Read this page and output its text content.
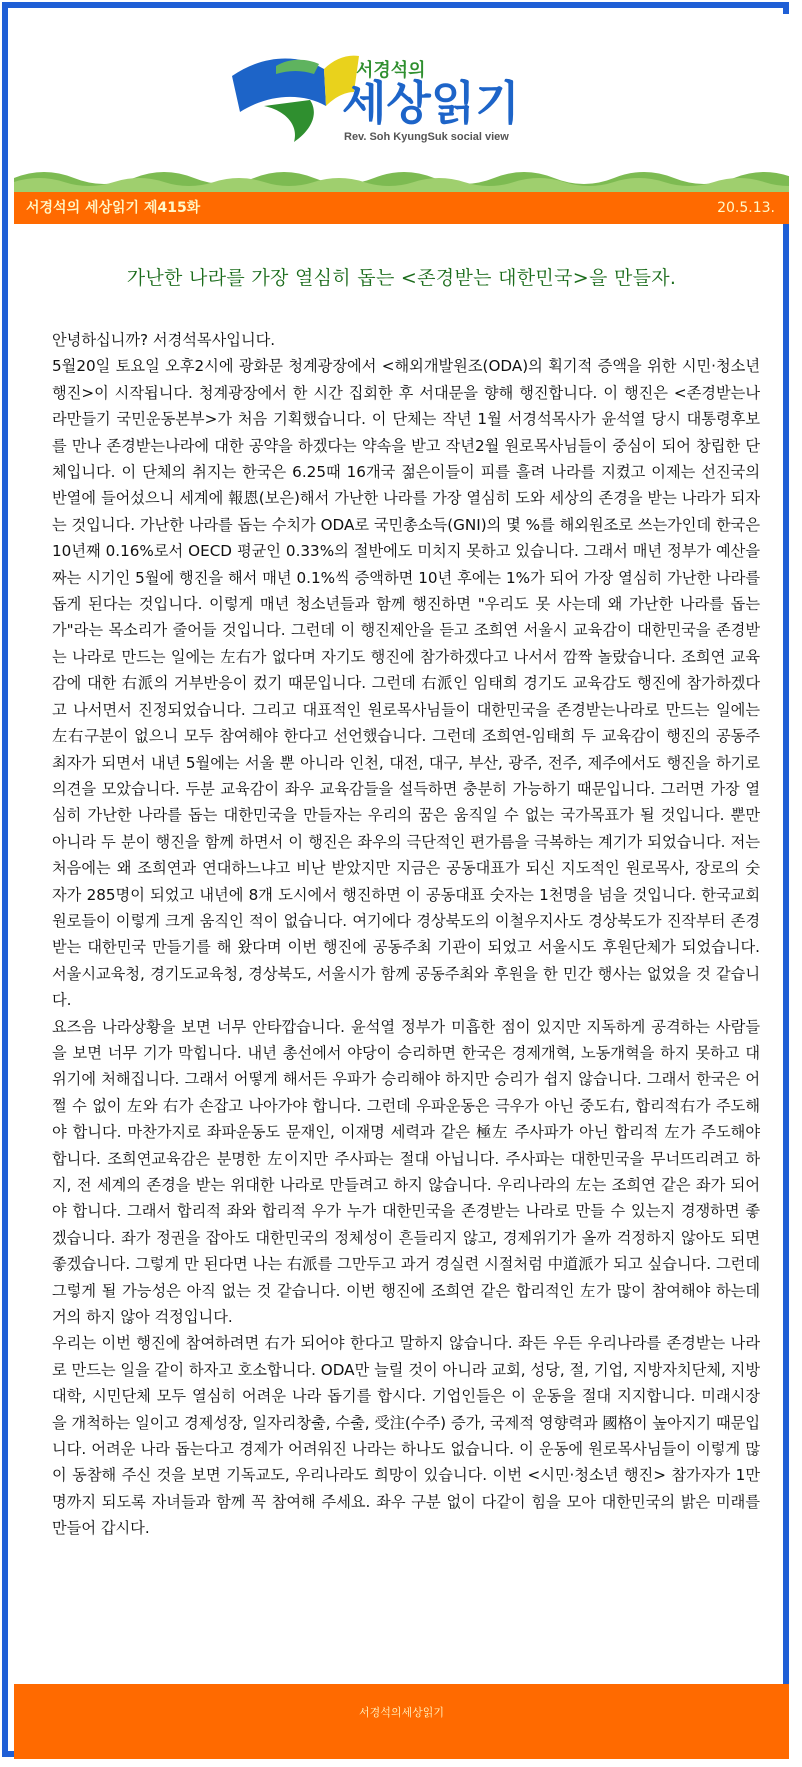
서경석의
세상읽기
Rev. Soh KyungSuk social view
서경석의 세상읽기 제415화	20.5.13.
가난한 나라를 가장 열심히 돕는 <존경받는 대한민국>을 만들자.

안녕하십니까? 서경석목사입니다.

5월20일 토요일 오후2시에 광화문 청계광장에서 <해외개발원조(ODA)의 획기적 증액을 위한 시민·청소년 행진>이 시작됩니다. 청계광장에서 한 시간 집회한 후 서대문을 향해 행진합니다. 이 행진은 <존경받는나라만들기 국민운동본부>가 처음 기획했습니다. 이 단체는 작년 1월 서경석목사가 윤석열 당시 대통령후보를 만나 존경받는나라에 대한 공약을 하겠다는 약속을 받고 작년2월 원로목사님들이 중심이 되어 창립한 단체입니다. 이 단체의 취지는 한국은 6.25때 16개국 젊은이들이 피를 흘려 나라를 지켰고 이제는 선진국의 반열에 들어섰으니 세계에 報恩(보은)해서 가난한 나라를 가장 열심히 도와 세상의 존경을 받는 나라가 되자는 것입니다. 가난한 나라를 돕는 수치가 ODA로 국민총소득(GNI)의 몇 %를 해외원조로 쓰는가인데 한국은 10년째 0.16%로서 OECD 평균인 0.33%의 절반에도 미치지 못하고 있습니다. 그래서 매년 정부가 예산을 짜는 시기인 5월에 행진을 해서 매년 0.1%씩 증액하면 10년 후에는 1%가 되어 가장 열심히 가난한 나라를 돕게 된다는 것입니다. 이렇게 매년 청소년들과 함께 행진하면 "우리도 못 사는데 왜 가난한 나라를 돕는가"라는 목소리가 줄어들 것입니다. 그런데 이 행진제안을 듣고 조희연 서울시 교육감이 대한민국을 존경받는 나라로 만드는 일에는 左右가 없다며 자기도 행진에 참가하겠다고 나서서 깜짝 놀랐습니다. 조희연 교육감에 대한 右派의 거부반응이 컸기 때문입니다. 그런데 右派인 임태희 경기도 교육감도 행진에 참가하겠다고 나서면서 진정되었습니다. 그리고 대표적인 원로목사님들이 대한민국을 존경받는나라로 만드는 일에는 左右구분이 없으니 모두 참여해야 한다고 선언했습니다. 그런데 조희연-임태희 두 교육감이 행진의 공동주최자가 되면서 내년 5월에는 서울 뿐 아니라 인천, 대전, 대구, 부산, 광주, 전주, 제주에서도 행진을 하기로 의견을 모았습니다. 두분 교육감이 좌우 교육감들을 설득하면 충분히 가능하기 때문입니다. 그러면 가장 열심히 가난한 나라를 돕는 대한민국을 만들자는 우리의 꿈은 움직일 수 없는 국가목표가 될 것입니다. 뿐만 아니라 두 분이 행진을 함께 하면서 이 행진은 좌우의 극단적인 편가름을 극복하는 계기가 되었습니다. 저는 처음에는 왜 조희연과 연대하느냐고 비난 받았지만 지금은 공동대표가 되신 지도적인 원로목사, 장로의 숫자가 285명이 되었고 내년에 8개 도시에서 행진하면 이 공동대표 숫자는 1천명을 넘을 것입니다. 한국교회 원로들이 이렇게 크게 움직인 적이 없습니다. 여기에다 경상북도의 이철우지사도 경상북도가 진작부터 존경받는 대한민국 만들기를 해 왔다며 이번 행진에 공동주최 기관이 되었고 서울시도 후원단체가 되었습니다. 서울시교육청, 경기도교육청, 경상북도, 서울시가 함께 공동주최와 후원을 한 민간 행사는 없었을 것 같습니다.

요즈음 나라상황을 보면 너무 안타깝습니다. 윤석열 정부가 미흡한 점이 있지만 지독하게 공격하는 사람들을 보면 너무 기가 막힙니다. 내년 총선에서 야당이 승리하면 한국은 경제개혁, 노동개혁을 하지 못하고 대위기에 처해집니다. 그래서 어떻게 해서든 우파가 승리해야 하지만 승리가 쉽지 않습니다. 그래서 한국은 어쩔 수 없이 左와 右가 손잡고 나아가야 합니다. 그런데 우파운동은 극우가 아닌 중도右, 합리적右가 주도해야 합니다. 마찬가지로 좌파운동도 문재인, 이재명 세력과 같은 極左 주사파가 아닌 합리적 左가 주도해야 합니다. 조희연교육감은 분명한 左이지만 주사파는 절대 아닙니다. 주사파는 대한민국을 무너뜨리려고 하지, 전 세계의 존경을 받는 위대한 나라로 만들려고 하지 않습니다. 우리나라의 左는 조희연 같은 좌가 되어야 합니다. 그래서 합리적 좌와 합리적 우가 누가 대한민국을 존경받는 나라로 만들 수 있는지 경쟁하면 좋겠습니다. 좌가 정권을 잡아도 대한민국의 정체성이 흔들리지 않고, 경제위기가 올까 걱정하지 않아도 되면 좋겠습니다. 그렇게 만 된다면 나는 右派를 그만두고 과거 경실련 시절처럼 中道派가 되고 싶습니다. 그런데 그렇게 될 가능성은 아직 없는 것 같습니다. 이번 행진에 조희연 같은 합리적인 左가 많이 참여해야 하는데 거의 하지 않아 걱정입니다.

우리는 이번 행진에 참여하려면 右가 되어야 한다고 말하지 않습니다. 좌든 우든 우리나라를 존경받는 나라로 만드는 일을 같이 하자고 호소합니다. ODA만 늘릴 것이 아니라 교회, 성당, 절, 기업, 지방자치단체, 지방대학, 시민단체 모두 열심히 어려운 나라 돕기를 합시다. 기업인들은 이 운동을 절대 지지합니다. 미래시장을 개척하는 일이고 경제성장, 일자리창출, 수출, 受注(수주) 증가, 국제적 영향력과 國格이 높아지기 때문입니다. 어려운 나라 돕는다고 경제가 어려워진 나라는 하나도 없습니다. 이 운동에 원로목사님들이 이렇게 많이 동참해 주신 것을 보면 기독교도, 우리나라도 희망이 있습니다. 이번 <시민·청소년 행진> 참가자가 1만명까지 되도록 자녀들과 함께 꼭 참여해 주세요. 좌우 구분 없이 다같이 힘을 모아 대한민국의 밝은 미래를 만들어 갑시다.

서경석의세상읽기
